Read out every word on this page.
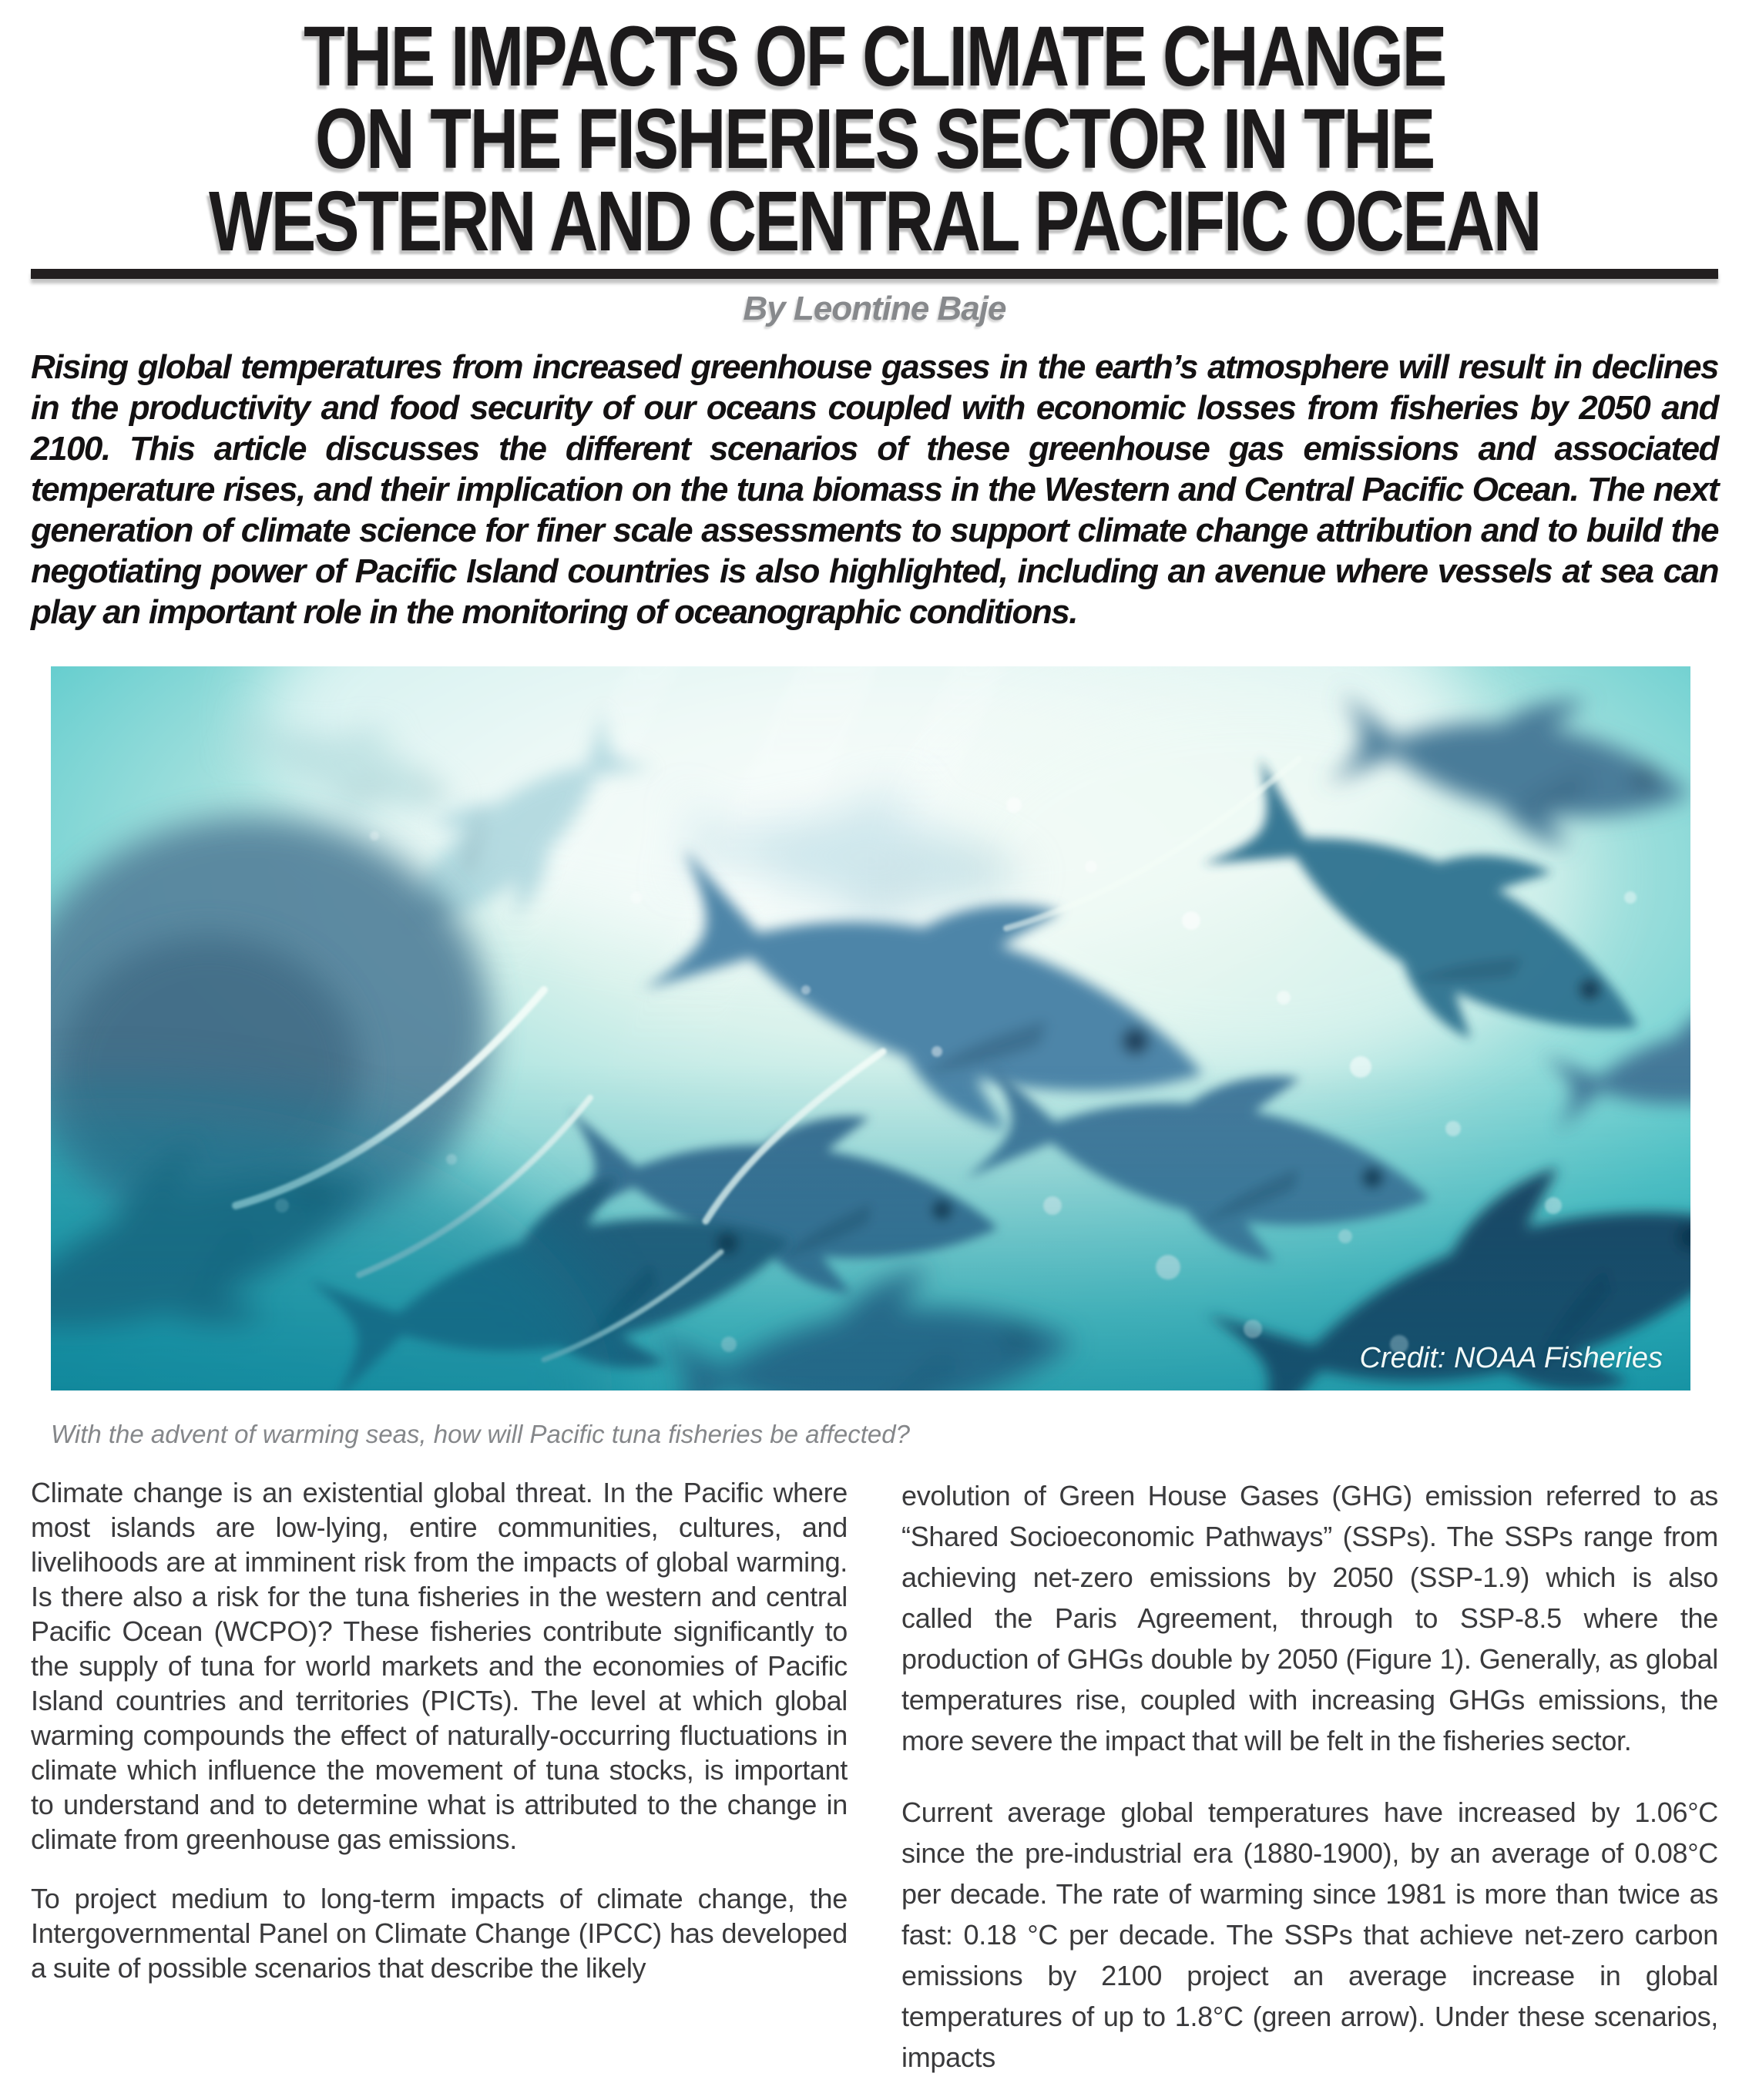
THE IMPACTS OF CLIMATE CHANGE
ON THE FISHERIES SECTOR IN THE
WESTERN AND CENTRAL PACIFIC OCEAN
By Leontine Baje

Rising global temperatures from increased greenhouse gasses in the earth’s atmosphere will result in declines in the productivity and food security of our oceans coupled with economic losses from fisheries by 2050 and 2100. This article discusses the different scenarios of these greenhouse gas emissions and associated temperature rises, and their implication on the tuna biomass in the Western and Central Pacific Ocean. The next generation of climate science for finer scale assessments to support climate change attribution and to build the negotiating power of Pacific Island countries is also highlighted, including an avenue where vessels at sea can play an important role in the monitoring of oceanographic conditions.

Credit: NOAA Fisheries
With the advent of warming seas, how will Pacific tuna fisheries be affected?

Climate change is an existential global threat. In the Pacific where most islands are low-lying, entire communities, cultures, and livelihoods are at imminent risk from the impacts of global warming. Is there also a risk for the tuna fisheries in the western and central Pacific Ocean (WCPO)? These fisheries contribute significantly to the supply of tuna for world markets and the economies of Pacific Island countries and territories (PICTs). The level at which global warming compounds the effect of naturally-occurring fluctuations in climate which influence the movement of tuna stocks, is important to understand and to determine what is attributed to the change in climate from greenhouse gas emissions.

To project medium to long-term impacts of climate change, the Intergovernmental Panel on Climate Change (IPCC) has developed a suite of possible scenarios that describe the likely

evolution of Green House Gases (GHG) emission referred to as “Shared Socioeconomic Pathways” (SSPs). The SSPs range from achieving net-zero emissions by 2050 (SSP-1.9) which is also called the Paris Agreement, through to SSP-8.5 where the production of GHGs double by 2050 (Figure 1). Generally, as global temperatures rise, coupled with increasing GHGs emissions, the more severe the impact that will be felt in the fisheries sector.

Current average global temperatures have increased by 1.06°C since the pre-industrial era (1880-1900), by an average of 0.08°C per decade. The rate of warming since 1981 is more than twice as fast: 0.18 °C per decade. The SSPs that achieve net-zero carbon emissions by 2100 project an average increase in global temperatures of up to 1.8°C (green arrow). Under these scenarios, impacts
